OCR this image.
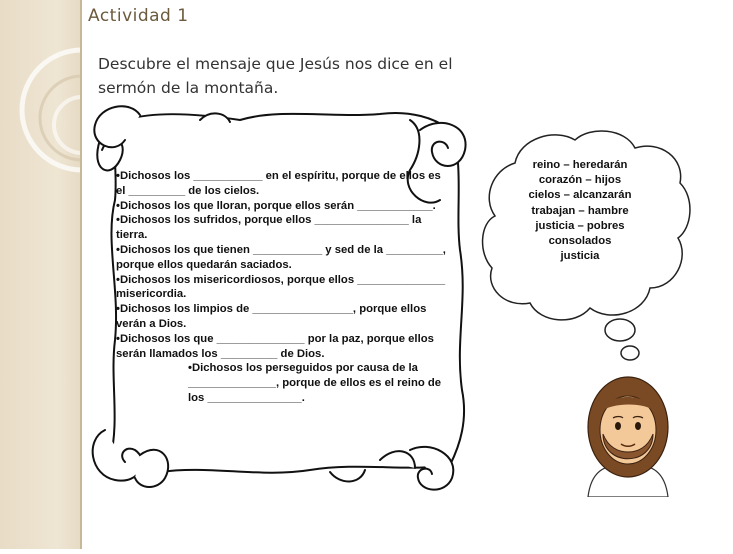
Actividad 1
Descubre el mensaje que Jesús nos dice en el sermón de la montaña.

•Dichosos los ___________ en el espíritu, porque de ellos es el _________ de los cielos.

•Dichosos los que lloran, porque ellos serán ____________.

•Dichosos los sufridos, porque ellos _______________ la tierra.

•Dichosos los que tienen ___________ y sed de la _________, porque ellos quedarán saciados.

•Dichosos los misericordiosos, porque ellos ______________ misericordia.

•Dichosos los limpios de ________________, porque ellos verán a Dios.

•Dichosos los que ______________ por la paz, porque ellos serán llamados los _________ de Dios.

•Dichosos los perseguidos por causa de la ______________, porque de ellos es el reino de los _______________.

reino – heredarán
corazón – hijos
cielos – alcanzarán
trabajan – hambre
justicia – pobres
consolados
justicia
